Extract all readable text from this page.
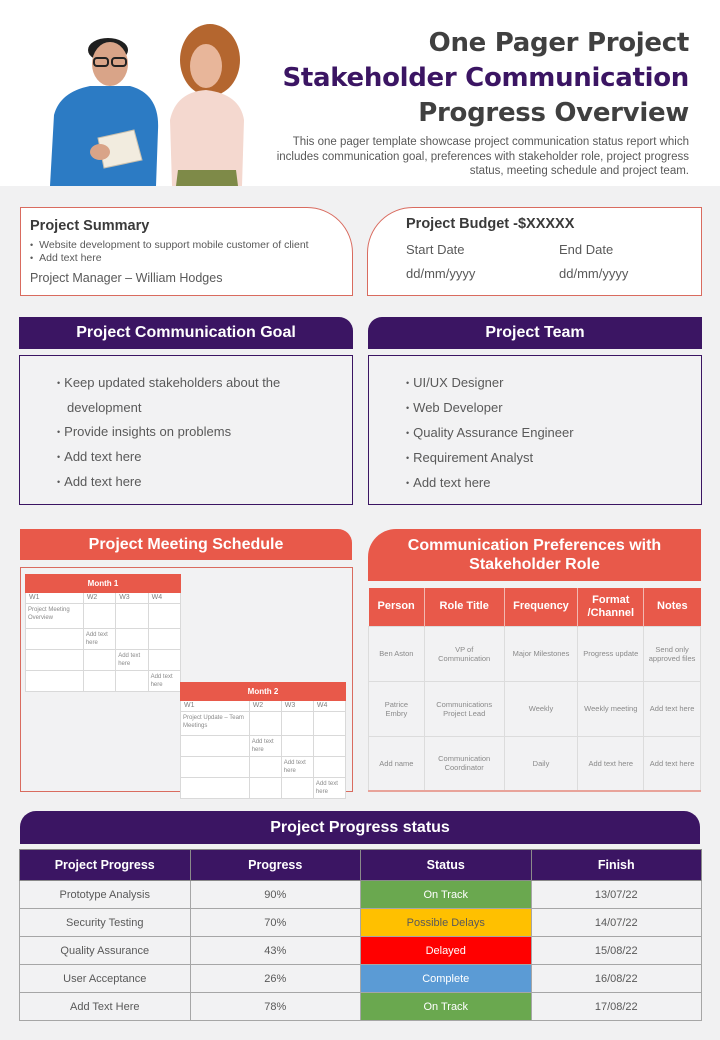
One Pager Project
Stakeholder Communication
Progress Overview
This one pager template showcase project communication status report which includes communication goal, preferences with stakeholder role, project progress status, meeting schedule and project team.
Project Summary
• Website development to support mobile customer of client
• Add text here
Project Manager – William Hodges
Project Budget -$XXXXX
Start Date	End Date
dd/mm/yyyy	dd/mm/yyyy
Project Communication Goal
• Keep updated stakeholders about the development
• Provide insights on problems
• Add text here
• Add text here
Project Team
• UI/UX Designer
• Web Developer
• Quality Assurance Engineer
• Requirement Analyst
• Add text here
Project Meeting Schedule
Month 1			
W1	W2	W3	W4
Project Meeting Overview			
	Add text here		
		Add text here	
			Add text here
Month 2			
W1	W2	W3	W4
Project Update – Team Meetings			
	Add text here		
		Add text here	
			Add text here
Communication Preferences with Stakeholder Role
Person	Role Title	Frequency	Format /Channel	Notes
Ben Aston	VP of Communication	Major Milestones	Progress update	Send only approved files
Patrice Embry	Communications Project Lead	Weekly	Weekly meeting	Add text here
Add name	Communication Coordinator	Daily	Add text here	Add text here
Project Progress status
Project Progress	Progress	Status	Finish
Prototype Analysis	90%	On Track	13/07/22
Security Testing	70%	Possible Delays	14/07/22
Quality Assurance	43%	Delayed	15/08/22
User Acceptance	26%	Complete	16/08/22
Add Text Here	78%	On Track	17/08/22
